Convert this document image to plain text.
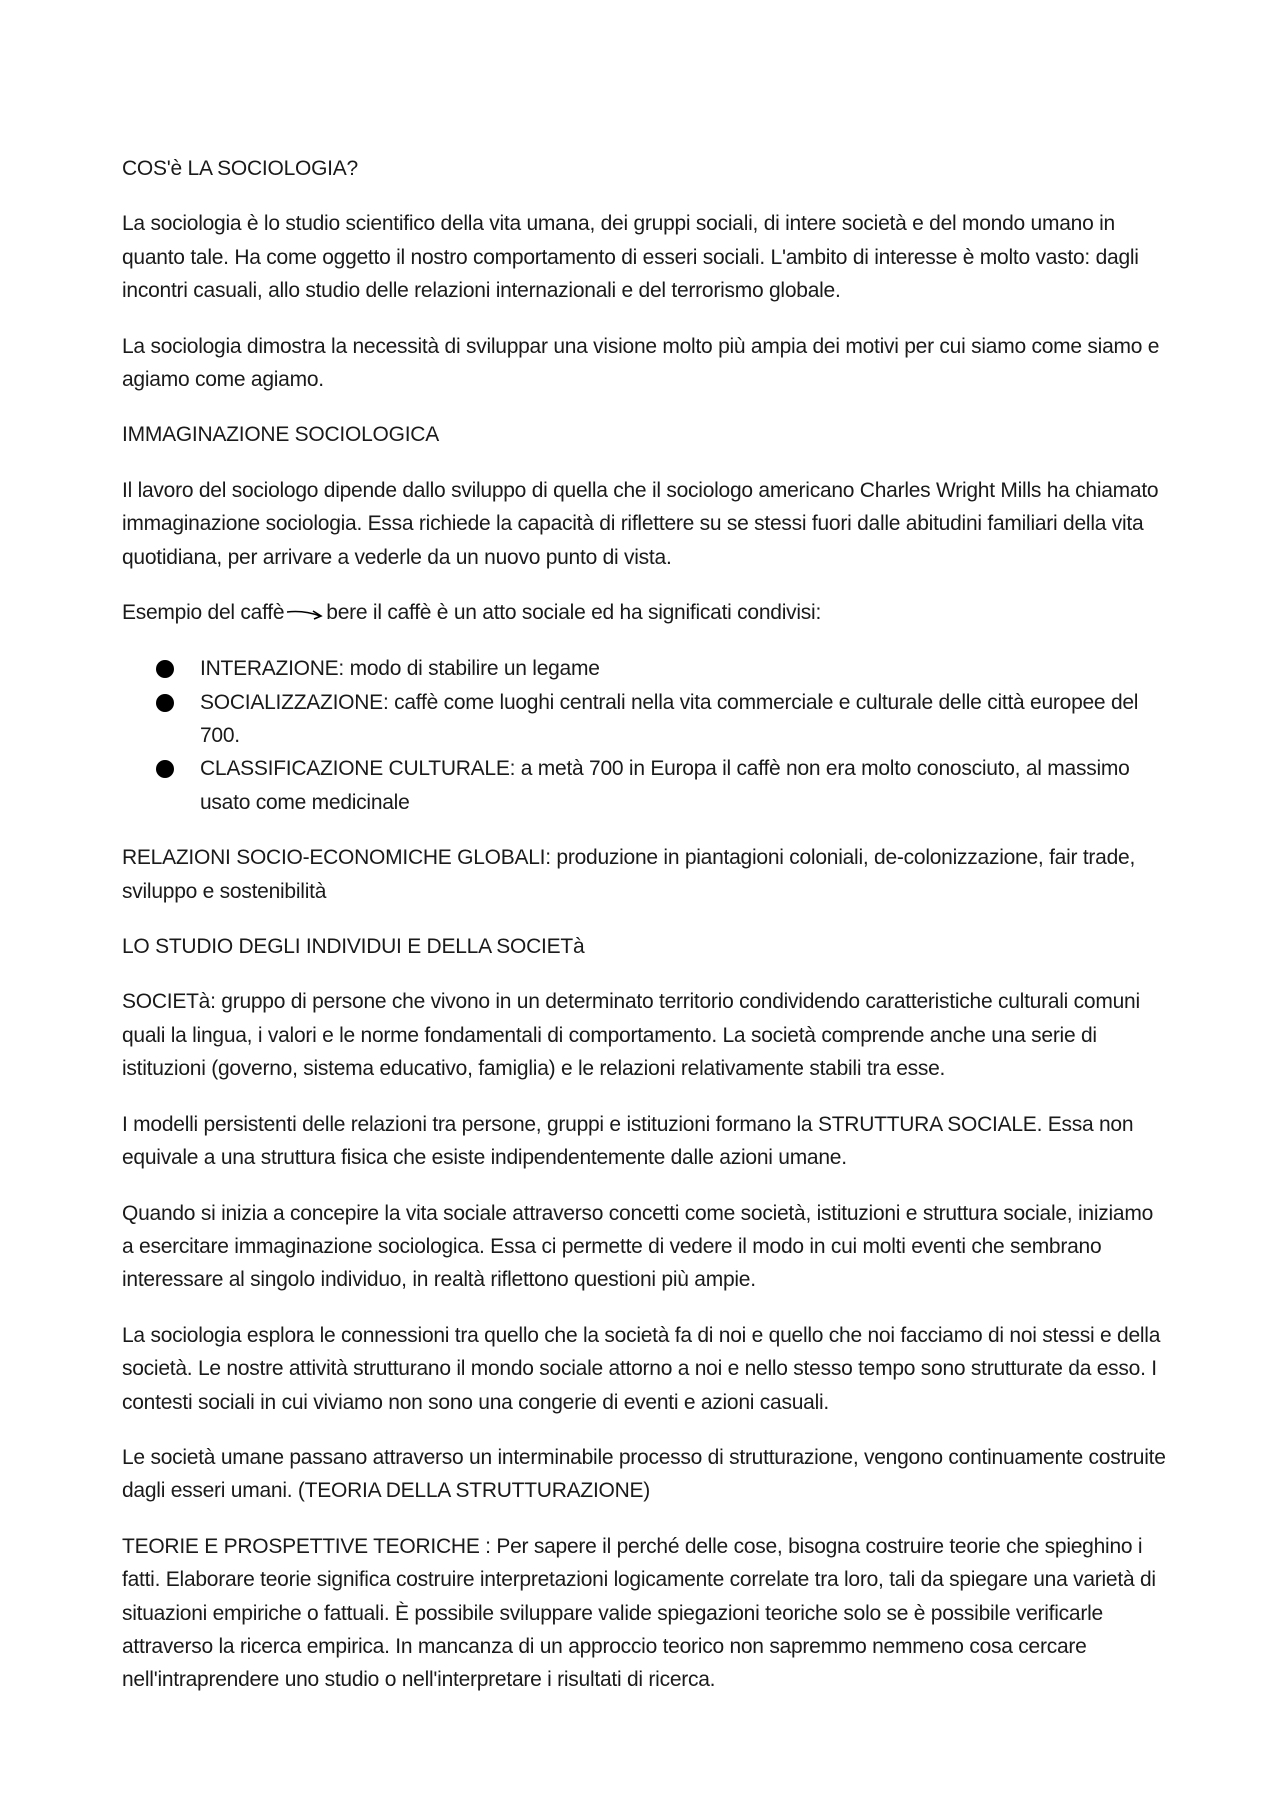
COS'è LA SOCIOLOGIA?

La sociologia è lo studio scientifico della vita umana, dei gruppi sociali, di intere società e del mondo umano in quanto tale. Ha come oggetto il nostro comportamento di esseri sociali. L'ambito di interesse è molto vasto: dagli incontri casuali, allo studio delle relazioni internazionali e del terrorismo globale.

La sociologia dimostra la necessità di sviluppar una visione molto più ampia dei motivi per cui siamo come siamo e agiamo come agiamo.

IMMAGINAZIONE SOCIOLOGICA

Il lavoro del sociologo dipende dallo sviluppo di quella che il sociologo americano Charles Wright Mills ha chiamato immaginazione sociologia. Essa richiede la capacità di riflettere su se stessi fuori dalle abitudini familiari della vita quotidiana, per arrivare a vederle da un nuovo punto di vista.

Esempio del caffè bere il caffè è un atto sociale ed ha significati condivisi:

INTERAZIONE: modo di stabilire un legame
SOCIALIZZAZIONE: caffè come luoghi centrali nella vita commerciale e culturale delle città europee del 700.
CLASSIFICAZIONE CULTURALE: a metà 700 in Europa il caffè non era molto conosciuto, al massimo usato come medicinale

RELAZIONI SOCIO-ECONOMICHE GLOBALI: produzione in piantagioni coloniali, de-colonizzazione, fair trade, sviluppo e sostenibilità

LO STUDIO DEGLI INDIVIDUI E DELLA SOCIETà

SOCIETà: gruppo di persone che vivono in un determinato territorio condividendo caratteristiche culturali comuni quali la lingua, i valori e le norme fondamentali di comportamento. La società comprende anche una serie di istituzioni (governo, sistema educativo, famiglia) e le relazioni relativamente stabili tra esse.

I modelli persistenti delle relazioni tra persone, gruppi e istituzioni formano la STRUTTURA SOCIALE. Essa non equivale a una struttura fisica che esiste indipendentemente dalle azioni umane.

Quando si inizia a concepire la vita sociale attraverso concetti come società, istituzioni e struttura sociale, iniziamo a esercitare immaginazione sociologica. Essa ci permette di vedere il modo in cui molti eventi che sembrano interessare al singolo individuo, in realtà riflettono questioni più ampie.

La sociologia esplora le connessioni tra quello che la società fa di noi e quello che noi facciamo di noi stessi e della società. Le nostre attività strutturano il mondo sociale attorno a noi e nello stesso tempo sono strutturate da esso. I contesti sociali in cui viviamo non sono una congerie di eventi e azioni casuali.

Le società umane passano attraverso un interminabile processo di strutturazione, vengono continuamente costruite dagli esseri umani. (TEORIA DELLA STRUTTURAZIONE)

TEORIE E PROSPETTIVE TEORICHE : Per sapere il perché delle cose, bisogna costruire teorie che spieghino i fatti. Elaborare teorie significa costruire interpretazioni logicamente correlate tra loro, tali da spiegare una varietà di situazioni empiriche o fattuali. È possibile sviluppare valide spiegazioni teoriche solo se è possibile verificarle attraverso la ricerca empirica. In mancanza di un approccio teorico non sapremmo nemmeno cosa cercare nell'intraprendere uno studio o nell'interpretare i risultati di ricerca.
